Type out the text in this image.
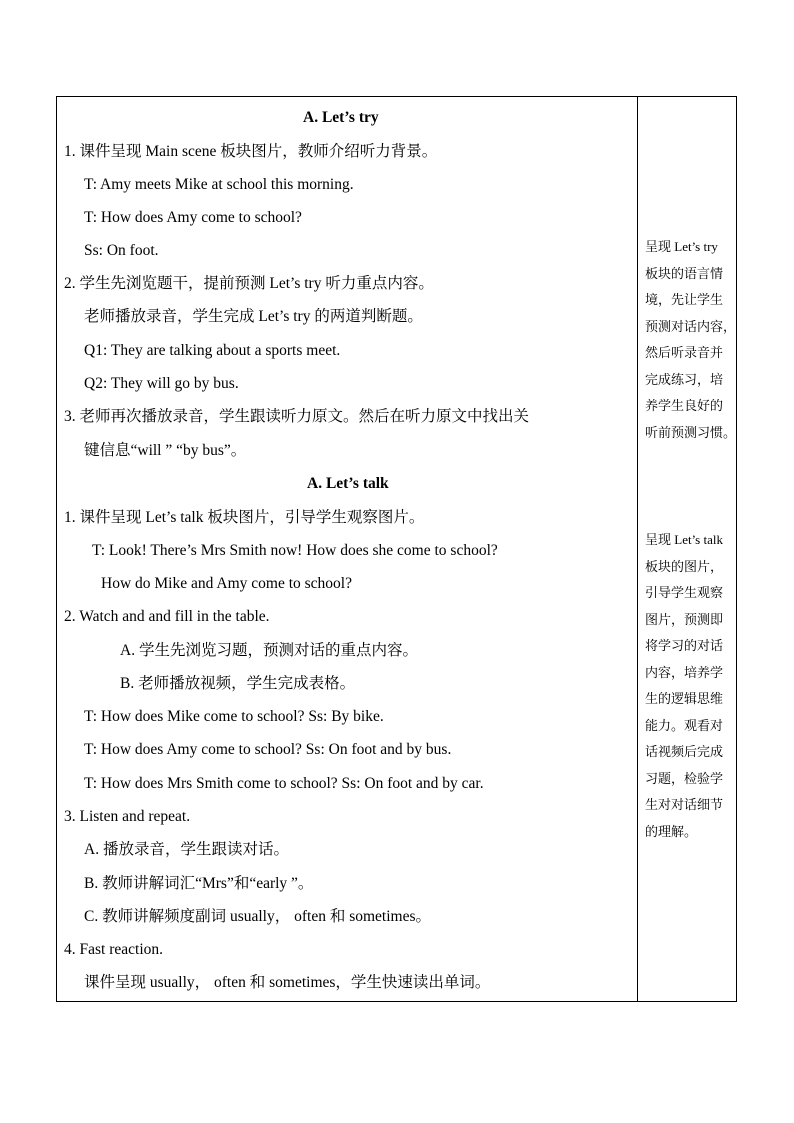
A. Let’s try
1. 课件呈现 Main scene 板块图片，教师介绍听力背景。
T: Amy meets Mike at school this morning.
T: How does Amy come to school?
Ss: On foot.
2. 学生先浏览题干，提前预测 Let’s try 听力重点内容。
老师播放录音，学生完成 Let’s try 的两道判断题。
Q1: They are talking about a sports meet.
Q2: They will go by bus.
3. 老师再次播放录音，学生跟读听力原文。然后在听力原文中找出关
键信息“will ” “by bus”。
A. Let’s talk
1. 课件呈现 Let’s talk 板块图片，引导学生观察图片。
T: Look! There’s Mrs Smith now! How does she come to school?
How do Mike and Amy come to school?
2. Watch and and fill in the table.
A. 学生先浏览习题，预测对话的重点内容。
B. 老师播放视频，学生完成表格。
T: How does Mike come to school? Ss: By bike.
T: How does Amy come to school? Ss: On foot and by bus.
T: How does Mrs Smith come to school? Ss: On foot and by car.
3. Listen and repeat.
A. 播放录音，学生跟读对话。
B. 教师讲解词汇“Mrs”和“early ”。
C. 教师讲解频度副词 usually， often 和 sometimes。
4. Fast reaction.
课件呈现 usually， often 和 sometimes，学生快速读出单词。
呈现 Let’s try
板块的语言情
境，先让学生
预测对话内容，
然后听录音并
完成练习，培
养学生良好的
听前预测习惯。
呈现 Let’s talk
板块的图片，
引导学生观察
图片，预测即
将学习的对话
内容，培养学
生的逻辑思维
能力。观看对
话视频后完成
习题，检验学
生对对话细节
的理解。
